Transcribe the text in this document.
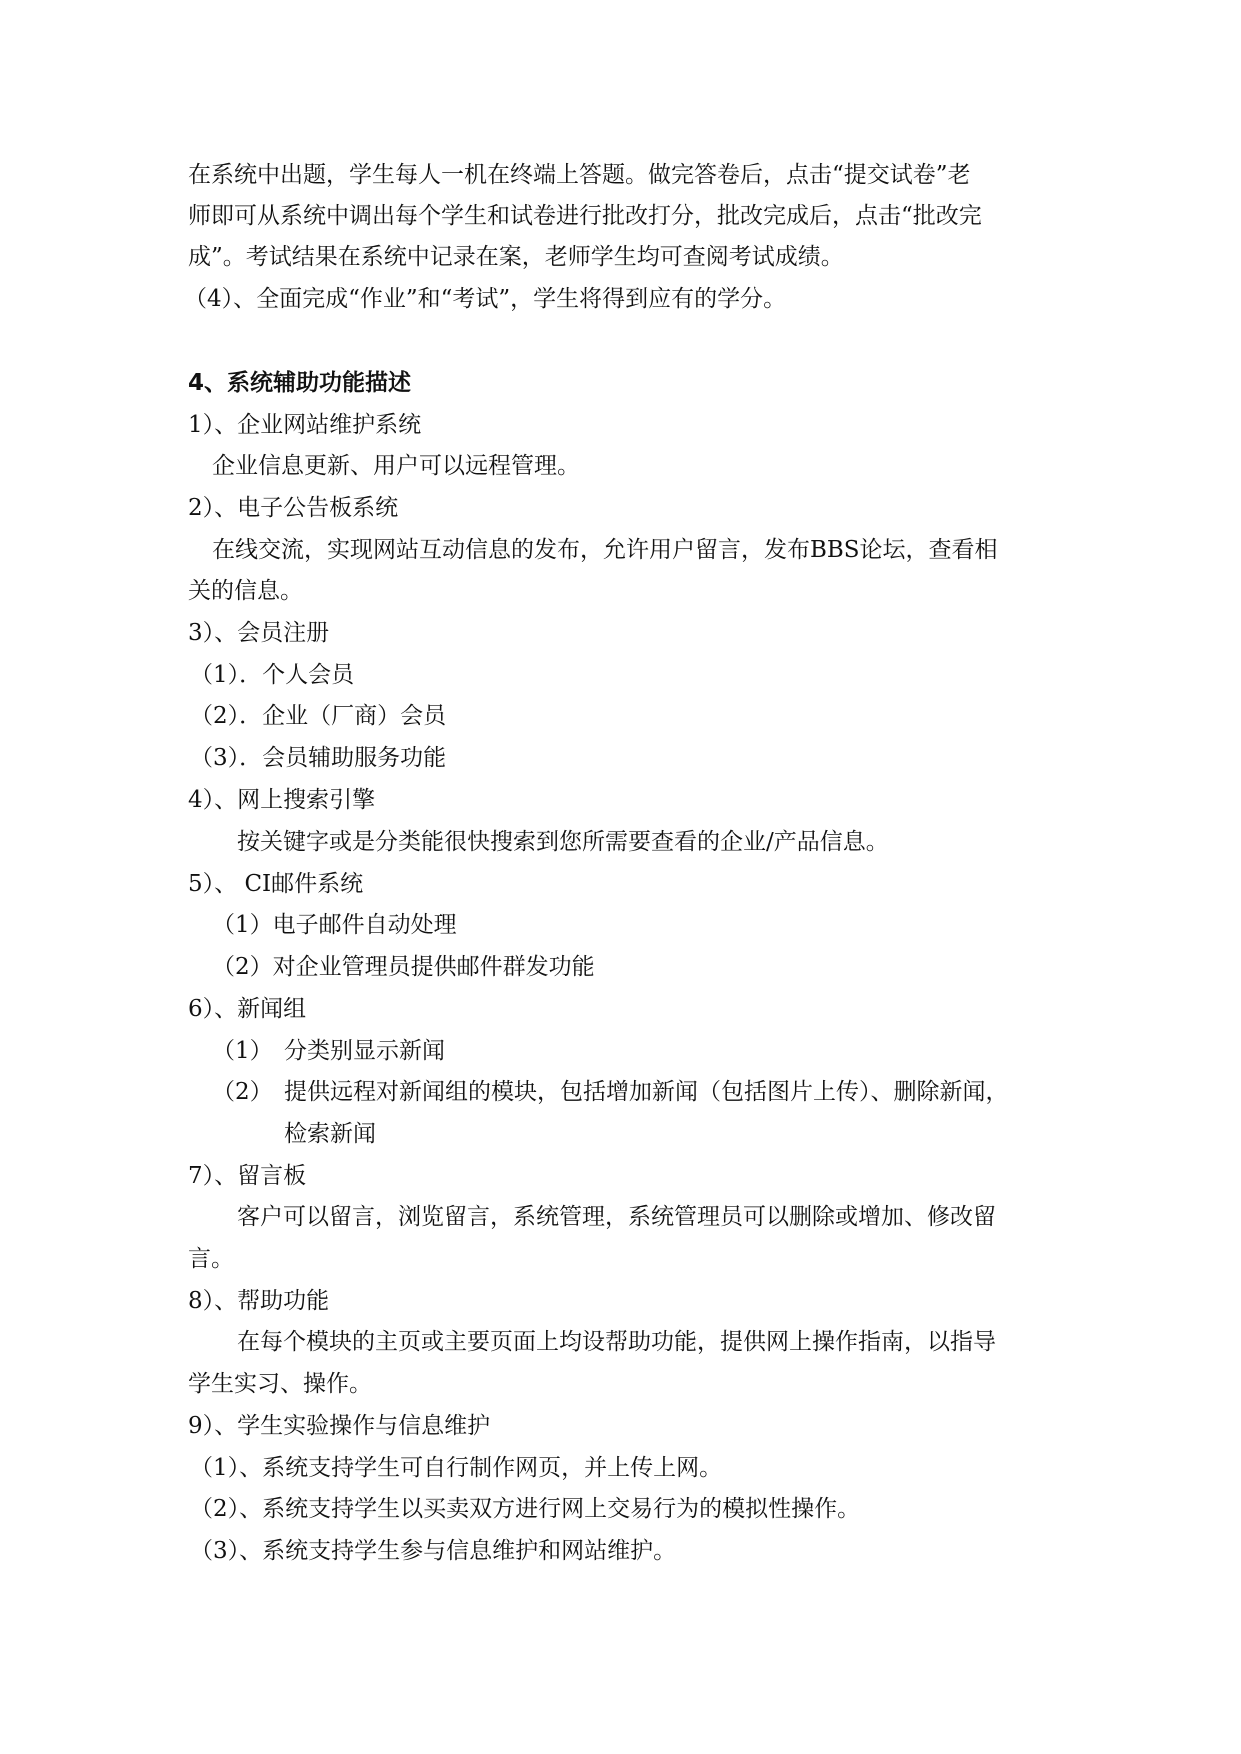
在系统中出题，学生每人一机在终端上答题。做完答卷后，点击“提交试卷”老
师即可从系统中调出每个学生和试卷进行批改打分，批改完成后，点击“批改完
成”。考试结果在系统中记录在案，老师学生均可查阅考试成绩。
（4）、全面完成“作业”和“考试”，学生将得到应有的学分。
4、系统辅助功能描述
1）、企业网站维护系统
企业信息更新、用户可以远程管理。
2）、电子公告板系统
在线交流，实现网站互动信息的发布，允许用户留言，发布BBS论坛，查看相
关的信息。
3）、会员注册
（1）．个人会员
（2）．企业（厂商）会员
（3）．会员辅助服务功能
4）、网上搜索引擎
按关键字或是分类能很快搜索到您所需要查看的企业/产品信息。
5）、 CI邮件系统
（1）电子邮件自动处理
（2）对企业管理员提供邮件群发功能
6）、新闻组
（1） 分类别显示新闻
（2） 提供远程对新闻组的模块，包括增加新闻（包括图片上传）、删除新闻，
检索新闻
7）、留言板
客户可以留言，浏览留言，系统管理，系统管理员可以删除或增加、修改留
言。
8）、帮助功能
在每个模块的主页或主要页面上均设帮助功能，提供网上操作指南，以指导
学生实习、操作。
9）、学生实验操作与信息维护
（1）、系统支持学生可自行制作网页，并上传上网。
（2）、系统支持学生以买卖双方进行网上交易行为的模拟性操作。
（3）、系统支持学生参与信息维护和网站维护。
